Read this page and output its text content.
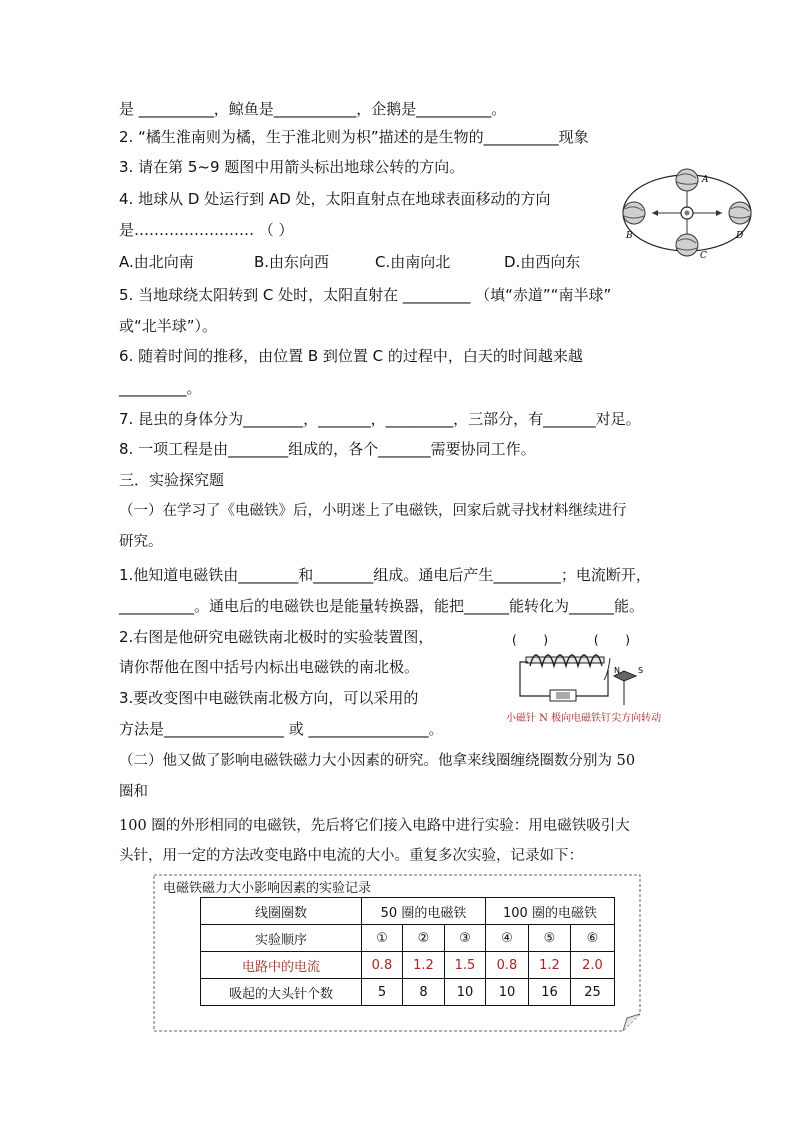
是 __________，鲸鱼是___________，企鹅是__________。
2. “橘生淮南则为橘，生于淮北则为枳”描述的是生物的__________现象
3. 请在第 5~9 题图中用箭头标出地球公转的方向。
4. 地球从 D 处运行到 AD 处，太阳直射点在地球表面移动的方向
是…………………… （ ）
A.由北向南	B.由东向西	C.由南向北	D.由西向东
5. 当地球绕太阳转到 C 处时，太阳直射在 _________ （填“赤道”“南半球”
或“北半球”）。
6. 随着时间的推移，由位置 B 到位置 C 的过程中，白天的时间越来越
_________。
7. 昆虫的身体分为________，_______，_________，三部分，有_______对足。
8. 一项工程是由________组成的，各个_______需要协同工作。
三．实验探究题
（一）在学习了《电磁铁》后，小明迷上了电磁铁，回家后就寻找材料继续进行
研究。
1.他知道电磁铁由________和________组成。通电后产生_________；电流断开，
__________。通电后的电磁铁也是能量转换器，能把______能转化为______能。
2.右图是他研究电磁铁南北极时的实验装置图，
请你帮他在图中括号内标出电磁铁的南北极。
3.要改变图中电磁铁南北极方向，可以采用的
方法是________________ 或 ________________。
（二）他又做了影响电磁铁磁力大小因素的研究。他拿来线圈缠绕圈数分别为 50
圈和
100 圈的外形相同的电磁铁，先后将它们接入电路中进行实验：用电磁铁吸引大
头针，用一定的方法改变电路中电流的大小。重复多次实验，记录如下：
A
B
C
D
(       )            (       )
N S
小磁针 N 极向电磁铁钉尖方向转动
电磁铁磁力大小影响因素的实验记录
线圈圈数	50 圈的电磁铁			100 圈的电磁铁		
实验顺序	①	②	③	④	⑤	⑥
电路中的电流	0.8	1.2	1.5	0.8	1.2	2.0
吸起的大头针个数	5	8	10	10	16	25
